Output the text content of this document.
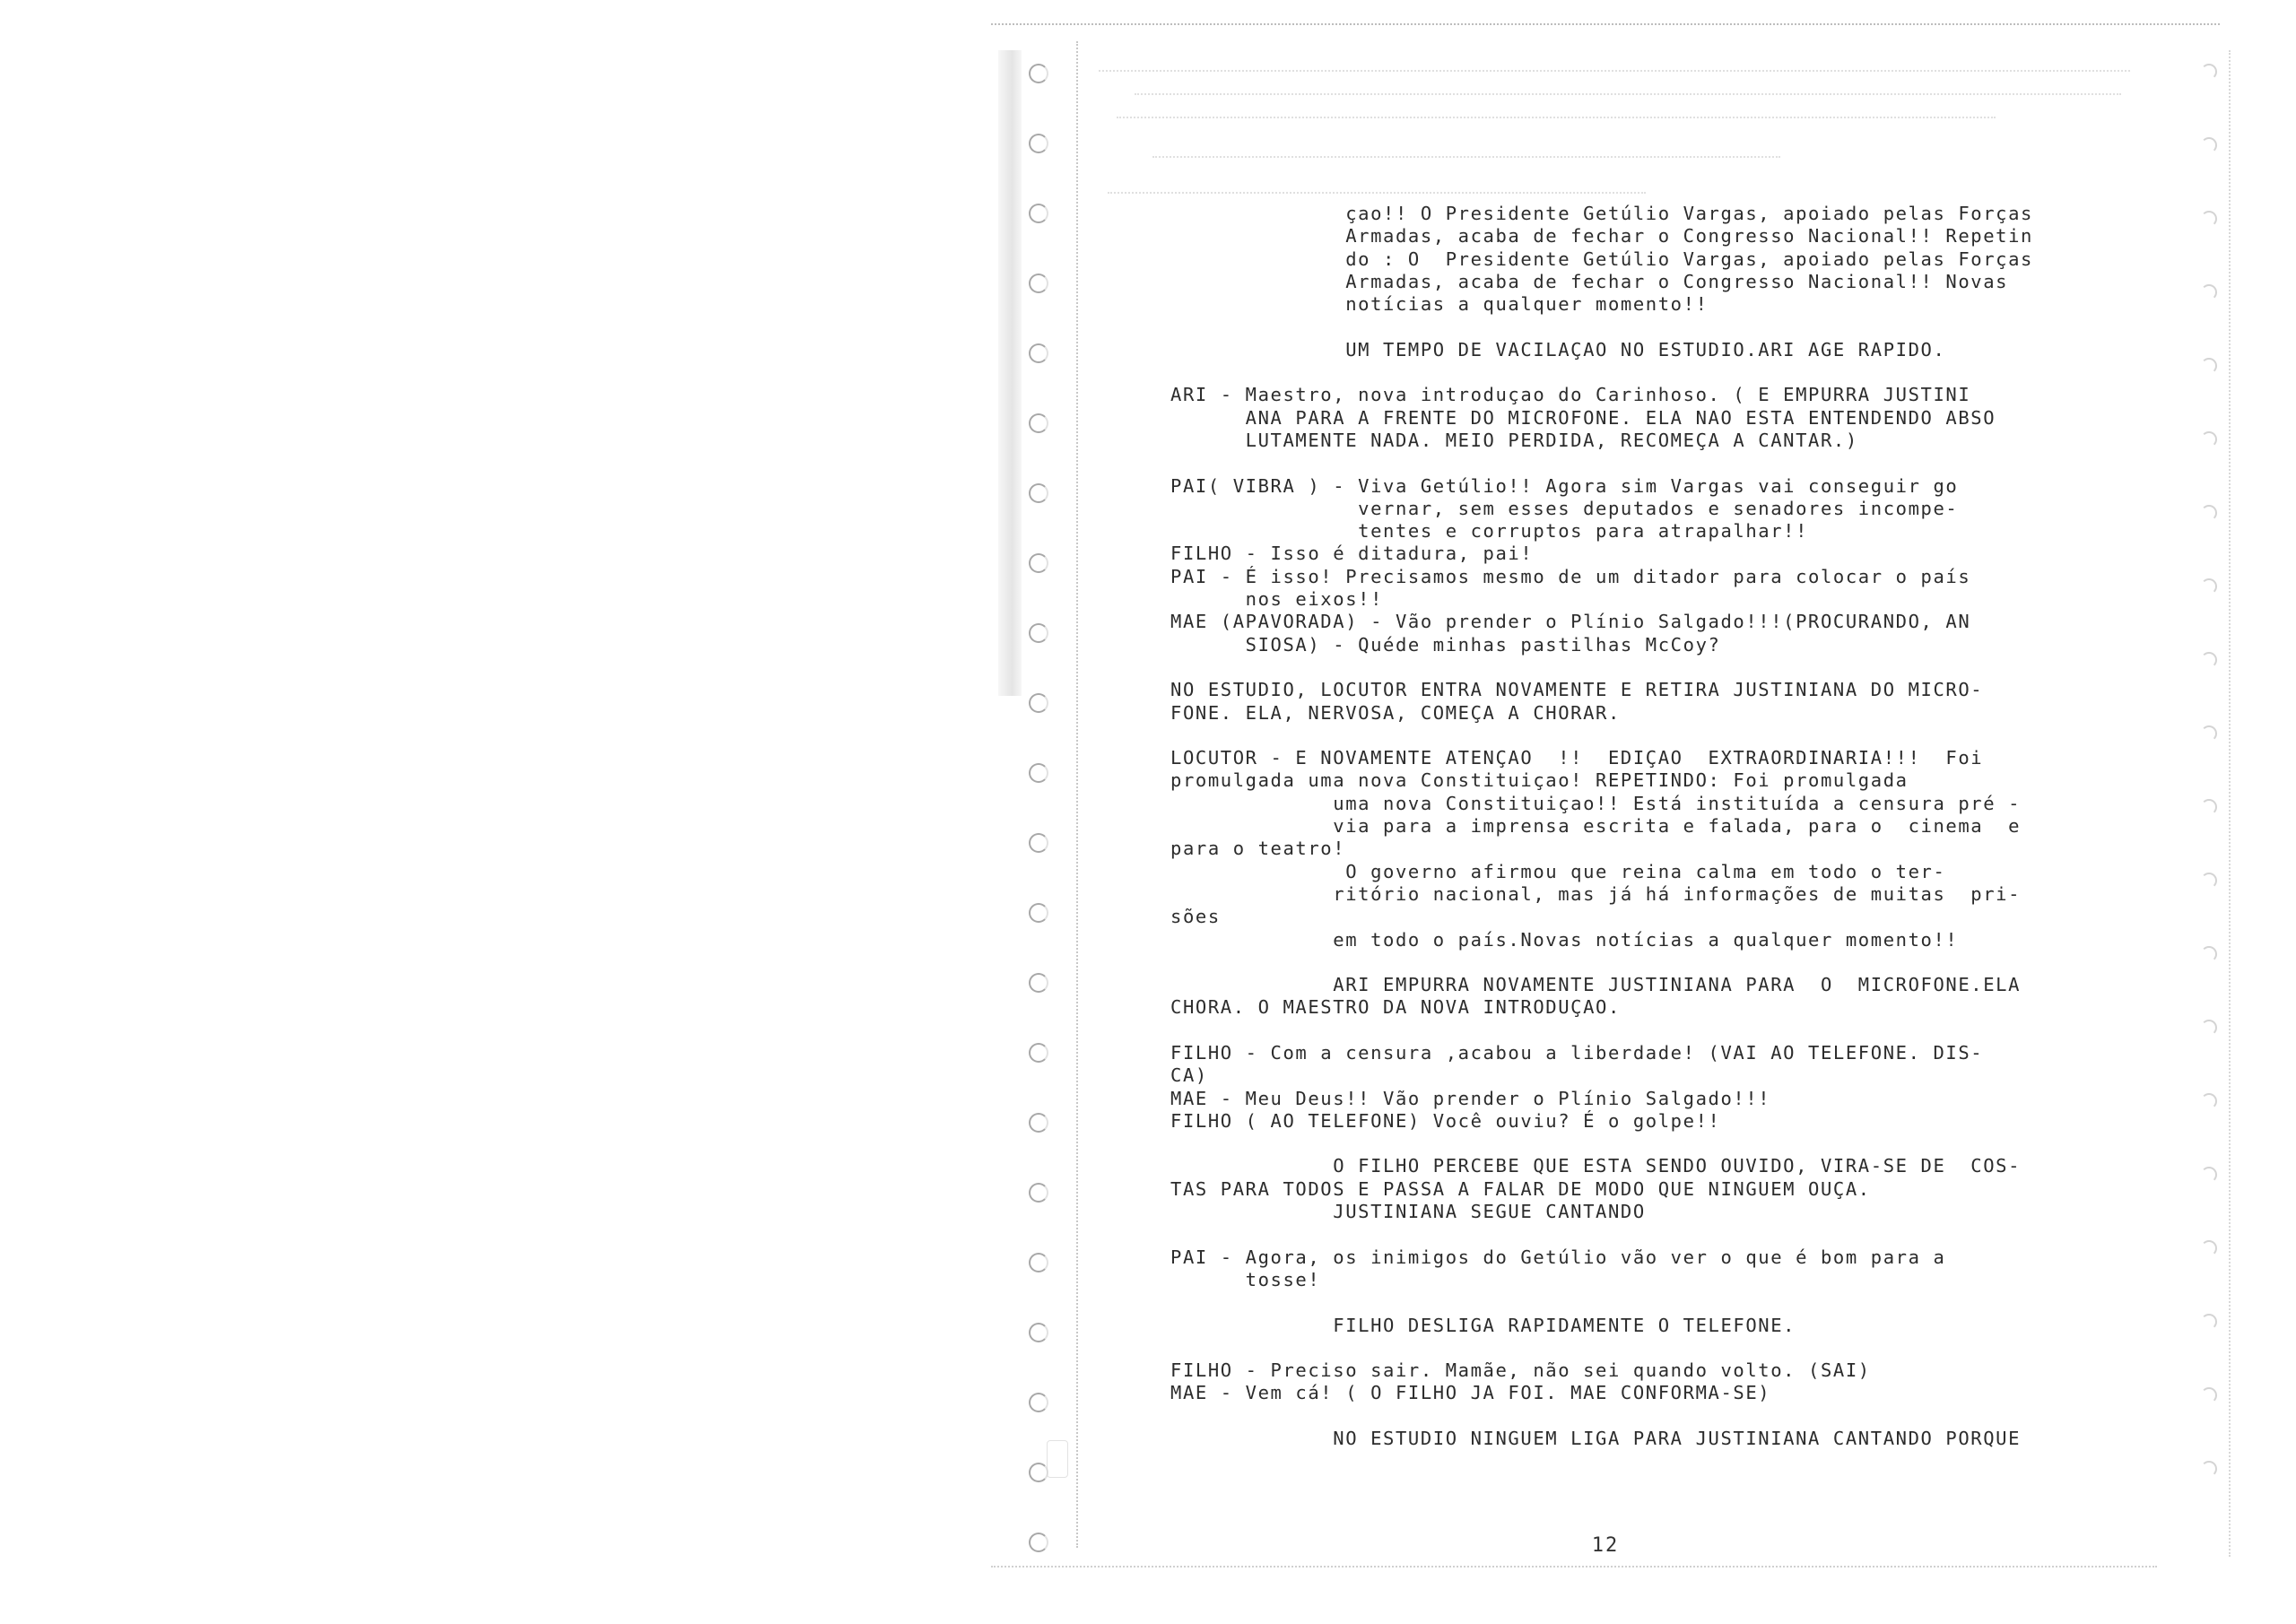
çao!! O Presidente Getúlio Vargas, apoiado pelas Forças
Armadas, acaba de fechar o Congresso Nacional!! Repetin
do : O  Presidente Getúlio Vargas, apoiado pelas Forças
Armadas, acaba de fechar o Congresso Nacional!! Novas
notícias a qualquer momento!!
UM TEMPO DE VACILAÇAO NO ESTUDIO.ARI AGE RAPIDO.
ARI - Maestro, nova introduçao do Carinhoso. ( E EMPURRA JUSTINI
ANA PARA A FRENTE DO MICROFONE. ELA NAO ESTA ENTENDENDO ABSO
LUTAMENTE NADA. MEIO PERDIDA, RECOMEÇA A CANTAR.)
PAI( VIBRA ) - Viva Getúlio!! Agora sim Vargas vai conseguir go
vernar, sem esses deputados e senadores incompe-
tentes e corruptos para atrapalhar!!
FILHO - Isso é ditadura, pai!
PAI - É isso! Precisamos mesmo de um ditador para colocar o país
nos eixos!!
MAE (APAVORADA) - Vão prender o Plínio Salgado!!!(PROCURANDO, AN
SIOSA) - Quéde minhas pastilhas McCoy?
NO ESTUDIO, LOCUTOR ENTRA NOVAMENTE E RETIRA JUSTINIANA DO MICRO-
FONE. ELA, NERVOSA, COMEÇA A CHORAR.
LOCUTOR - E NOVAMENTE ATENÇAO  !!  EDIÇAO  EXTRAORDINARIA!!!  Foi
promulgada uma nova Constituiçao! REPETINDO: Foi promulgada
uma nova Constituiçao!! Está instituída a censura pré -
via para a imprensa escrita e falada, para o  cinema  e
para o teatro!
O governo afirmou que reina calma em todo o ter-
ritório nacional, mas já há informações de muitas  pri-
sões
em todo o país.Novas notícias a qualquer momento!!
ARI EMPURRA NOVAMENTE JUSTINIANA PARA  O  MICROFONE.ELA
CHORA. O MAESTRO DA NOVA INTRODUÇAO.
FILHO - Com a censura ,acabou a liberdade! (VAI AO TELEFONE. DIS-
CA)
MAE - Meu Deus!! Vão prender o Plínio Salgado!!!
FILHO ( AO TELEFONE) Você ouviu? É o golpe!!
O FILHO PERCEBE QUE ESTA SENDO OUVIDO, VIRA-SE DE  COS-
TAS PARA TODOS E PASSA A FALAR DE MODO QUE NINGUEM OUÇA.
JUSTINIANA SEGUE CANTANDO
PAI - Agora, os inimigos do Getúlio vão ver o que é bom para a
tosse!
FILHO DESLIGA RAPIDAMENTE O TELEFONE.
FILHO - Preciso sair. Mamãe, não sei quando volto. (SAI)
MAE - Vem cá! ( O FILHO JA FOI. MAE CONFORMA-SE)
NO ESTUDIO NINGUEM LIGA PARA JUSTINIANA CANTANDO PORQUE
12
